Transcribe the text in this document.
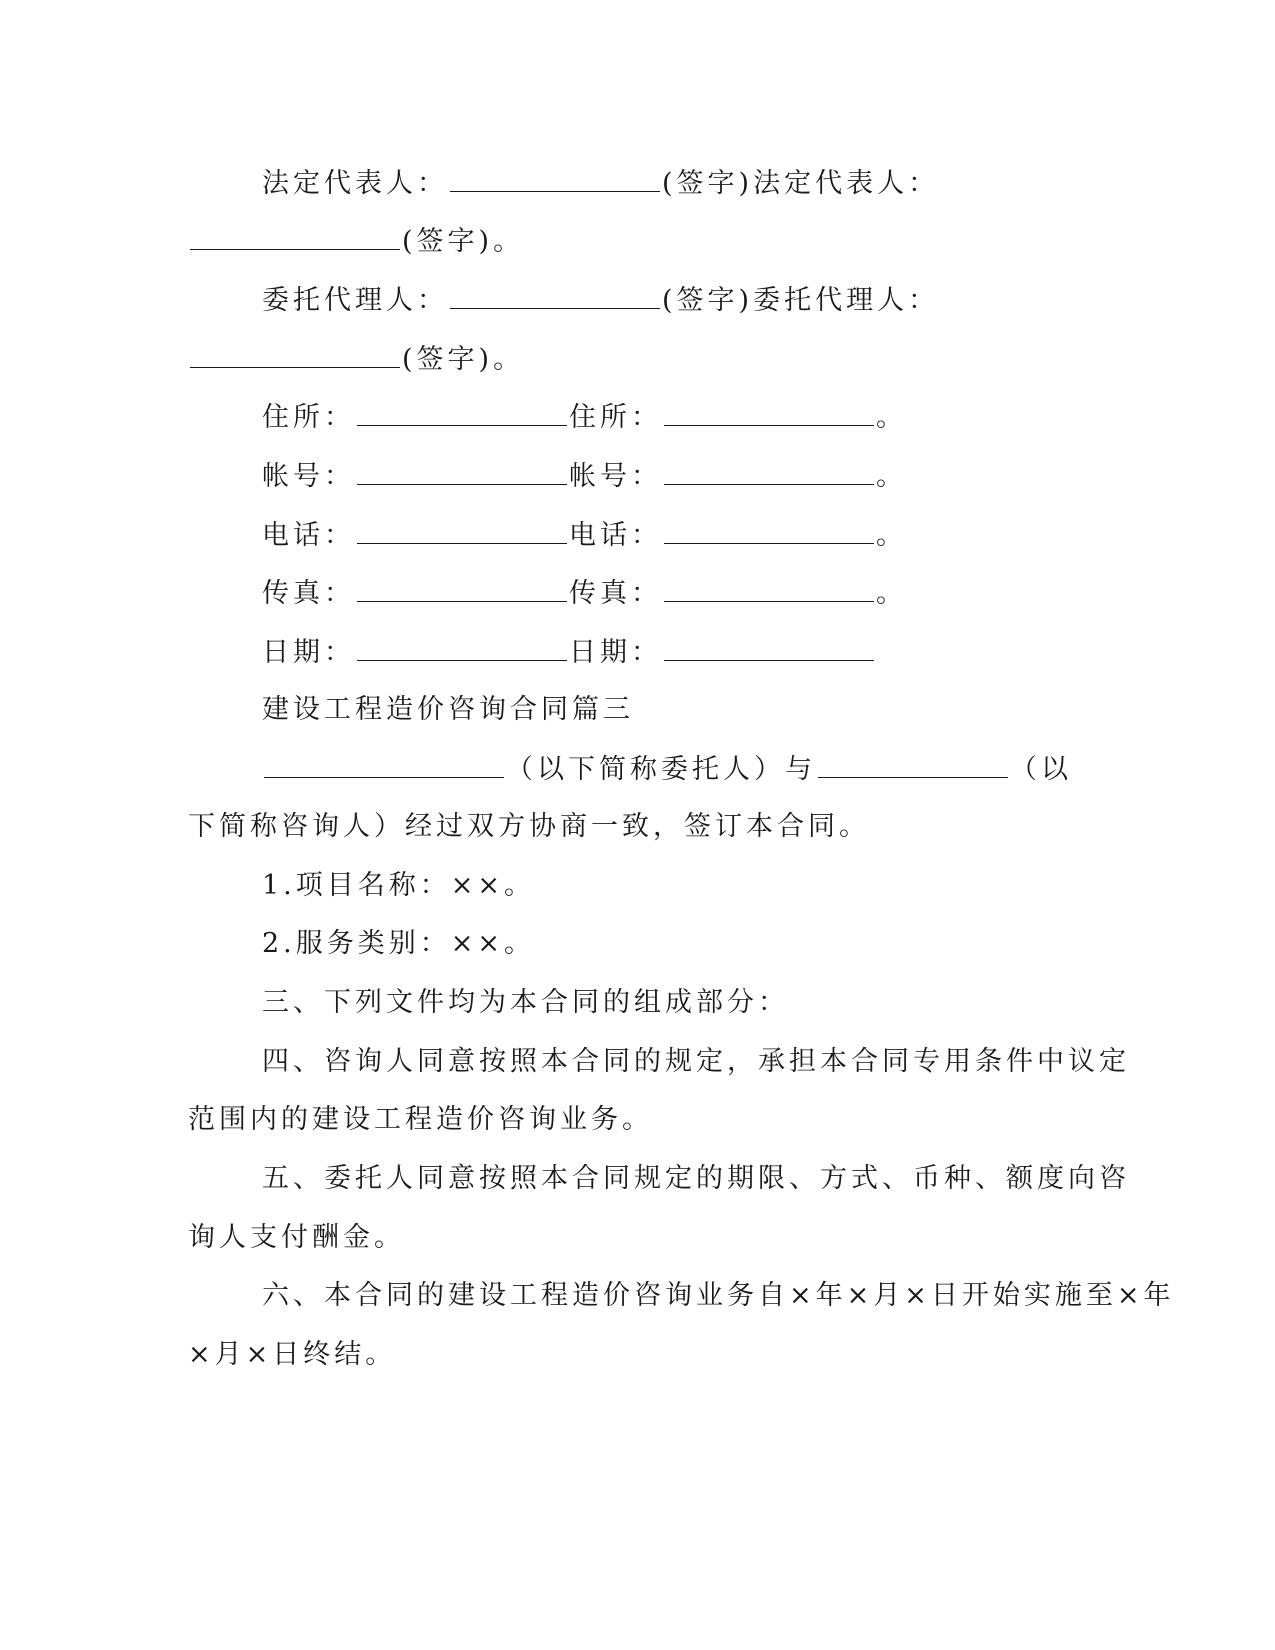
法定代表人：	(签字)法定代表人：
(签字)。
委托代理人：	(签字)委托代理人：
(签字)。
住所：	住所：	。
帐号：	帐号：	。
电话：	电话：	。
传真：	传真：	。
日期：	日期：
建设工程造价咨询合同篇三
（以下简称委托人）与	（以
下简称咨询人）经过双方协商一致，签订本合同。
1.项目名称：××。
2.服务类别：××。
三、下列文件均为本合同的组成部分：
四、咨询人同意按照本合同的规定，承担本合同专用条件中议定
范围内的建设工程造价咨询业务。
五、委托人同意按照本合同规定的期限、方式、币种、额度向咨
询人支付酬金。
六、本合同的建设工程造价咨询业务自×年×月×日开始实施至×年
×月×日终结。
